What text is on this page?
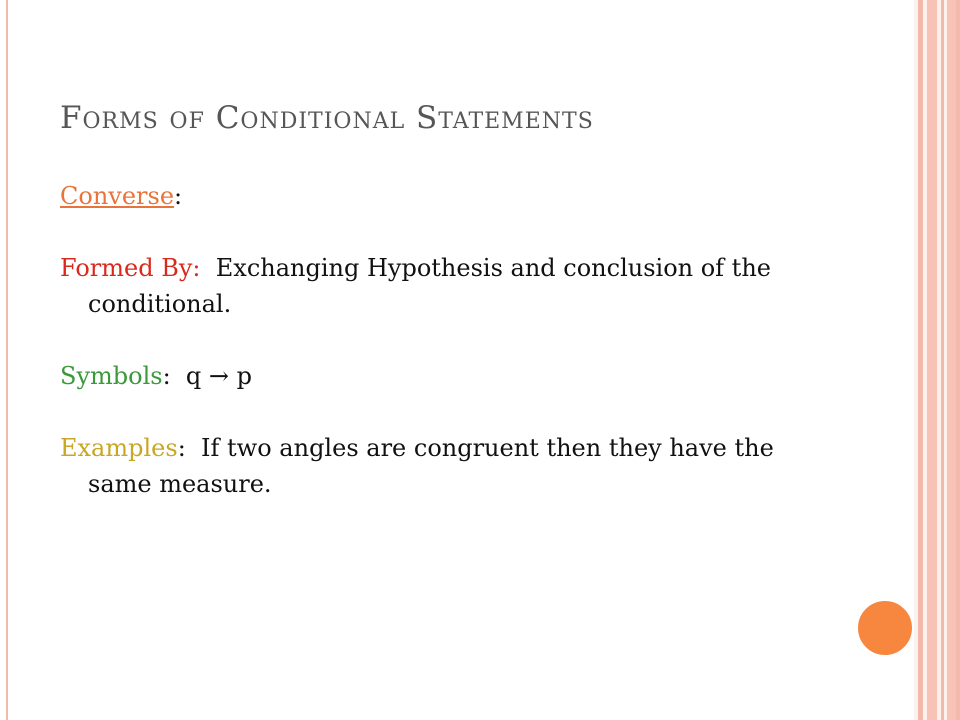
Forms of Conditional Statements

Converse:

Formed By: Exchanging Hypothesis and conclusion of the conditional.

Symbols: q → p

Examples: If two angles are congruent then they have the same measure.
